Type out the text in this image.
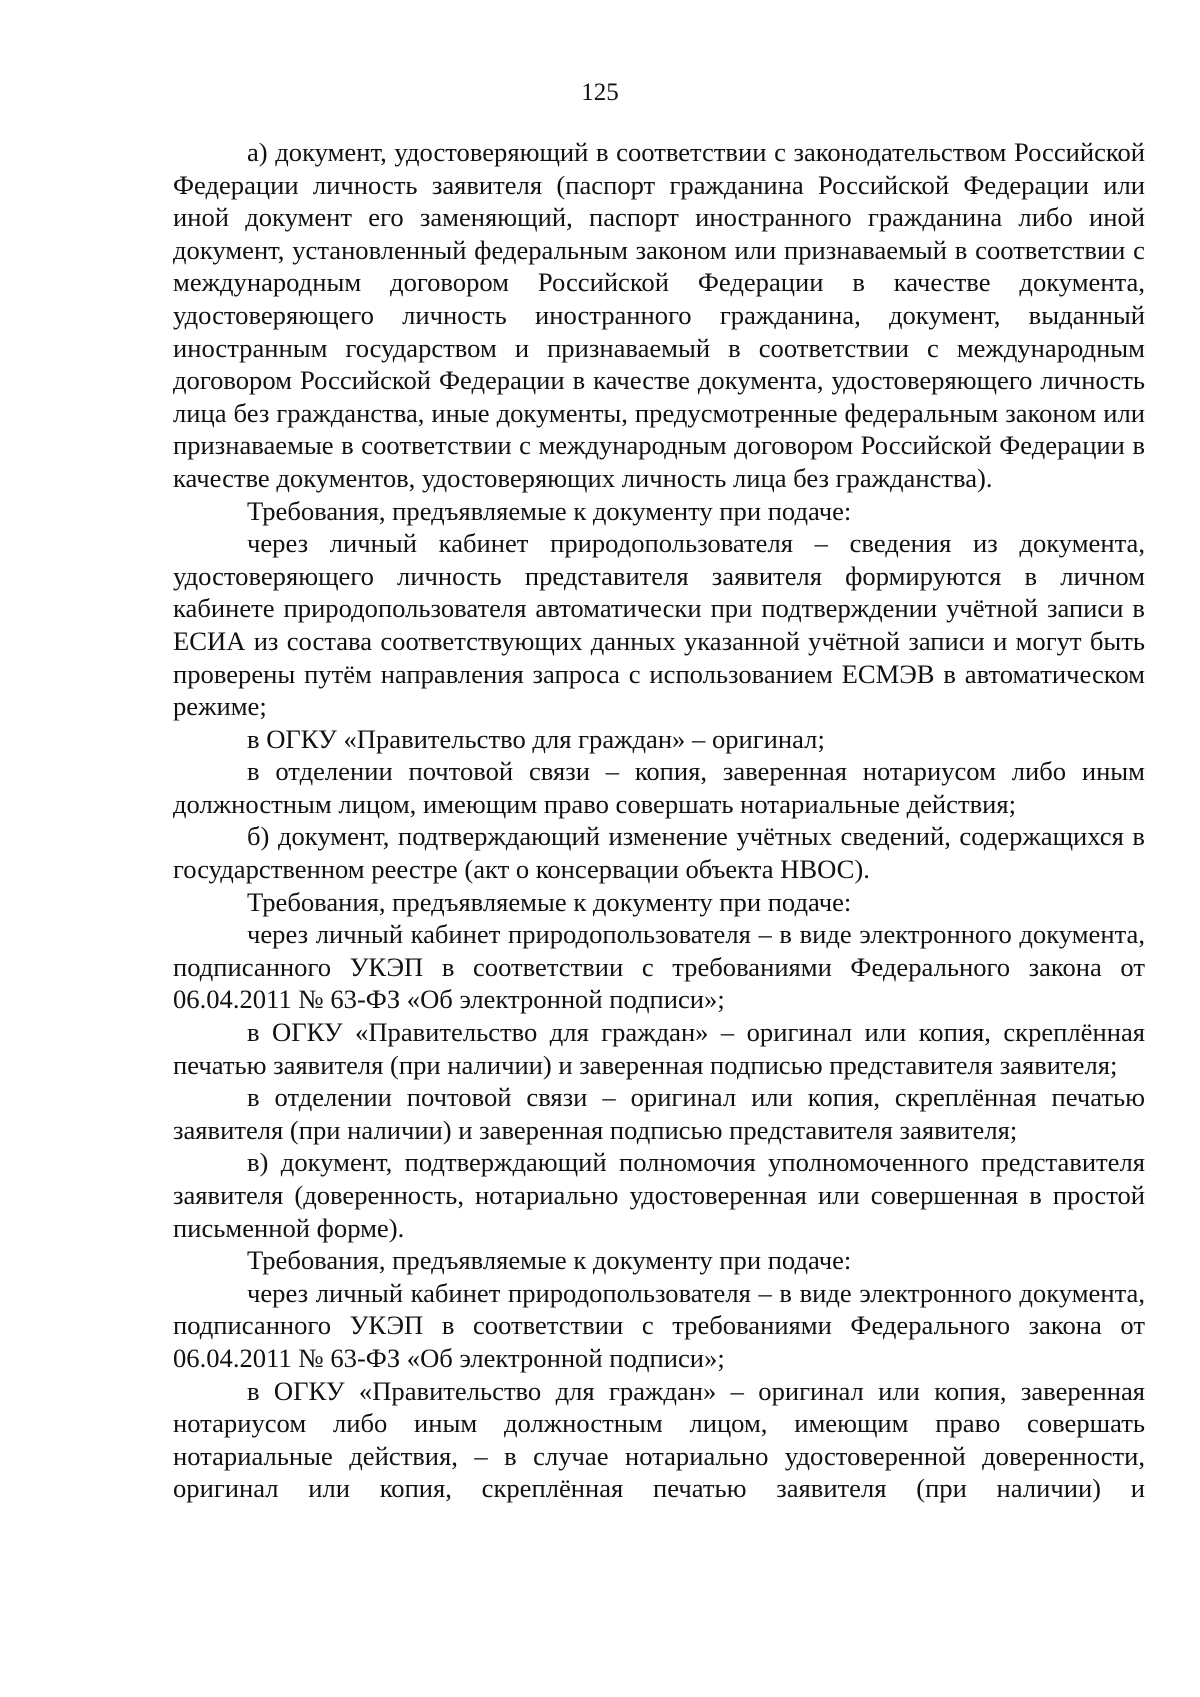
125

а) документ, удостоверяющий в соответствии с законодательством Российской Федерации личность заявителя (паспорт гражданина Российской Федерации или иной документ его заменяющий, паспорт иностранного гражданина либо иной документ, установленный федеральным законом или признаваемый в соответствии с международным договором Российской Федерации в качестве документа, удостоверяющего личность иностранного гражданина, документ, выданный иностранным государством и признаваемый в соответствии с международным договором Российской Федерации в качестве документа, удостоверяющего личность лица без гражданства, иные документы, предусмотренные федеральным законом или признаваемые в соответствии с международным договором Российской Федерации в качестве документов, удостоверяющих личность лица без гражданства).

Требования, предъявляемые к документу при подаче:

через личный кабинет природопользователя – сведения из документа, удостоверяющего личность представителя заявителя формируются в личном кабинете природопользователя автоматически при подтверждении учётной записи в ЕСИА из состава соответствующих данных указанной учётной записи и могут быть проверены путём направления запроса с использованием ЕСМЭВ в автоматическом режиме;

в ОГКУ «Правительство для граждан» – оригинал;

в отделении почтовой связи – копия, заверенная нотариусом либо иным должностным лицом, имеющим право совершать нотариальные действия;

б) документ, подтверждающий изменение учётных сведений, содержащихся в государственном реестре (акт о консервации объекта НВОС).

Требования, предъявляемые к документу при подаче:

через личный кабинет природопользователя – в виде электронного документа, подписанного УКЭП в соответствии с требованиями Федерального закона от 06.04.2011 № 63-ФЗ «Об электронной подписи»;

в ОГКУ «Правительство для граждан» – оригинал или копия, скреплённая печатью заявителя (при наличии) и заверенная подписью представителя заявителя;

в отделении почтовой связи – оригинал или копия, скреплённая печатью заявителя (при наличии) и заверенная подписью представителя заявителя;

в) документ, подтверждающий полномочия уполномоченного представителя заявителя (доверенность, нотариально удостоверенная или совершенная в простой письменной форме).

Требования, предъявляемые к документу при подаче:

через личный кабинет природопользователя – в виде электронного документа, подписанного УКЭП в соответствии с требованиями Федерального закона от 06.04.2011 № 63-ФЗ «Об электронной подписи»;

в ОГКУ «Правительство для граждан» – оригинал или копия, заверенная нотариусом либо иным должностным лицом, имеющим право совершать нотариальные действия, – в случае нотариально удостоверенной доверенности, оригинал или копия, скреплённая печатью заявителя (при наличии) и
